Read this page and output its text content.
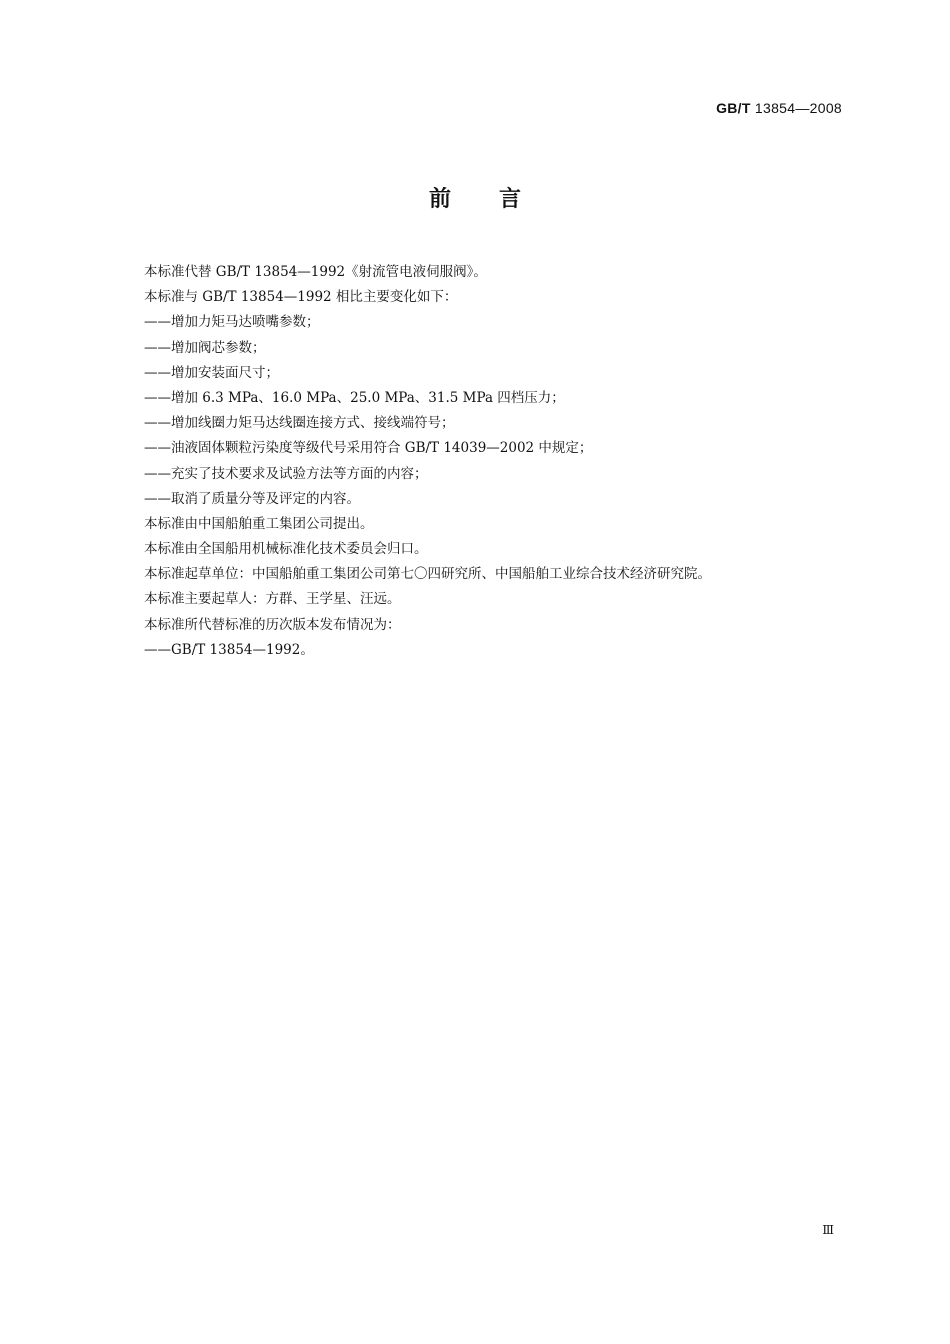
GB/T 13854—2008
前言
本标准代替 GB/T 13854—1992《射流管电液伺服阀》。
本标准与 GB/T 13854—1992 相比主要变化如下：
——增加力矩马达喷嘴参数；
——增加阀芯参数；
——增加安装面尺寸；
——增加 6.3 MPa、16.0 MPa、25.0 MPa、31.5 MPa 四档压力；
——增加线圈力矩马达线圈连接方式、接线端符号；
——油液固体颗粒污染度等级代号采用符合 GB/T 14039—2002 中规定；
——充实了技术要求及试验方法等方面的内容；
——取消了质量分等及评定的内容。
本标准由中国船舶重工集团公司提出。
本标准由全国船用机械标准化技术委员会归口。
本标准起草单位：中国船舶重工集团公司第七〇四研究所、中国船舶工业综合技术经济研究院。
本标准主要起草人：方群、王学星、汪远。
本标准所代替标准的历次版本发布情况为：
——GB/T 13854—1992。
Ⅲ
